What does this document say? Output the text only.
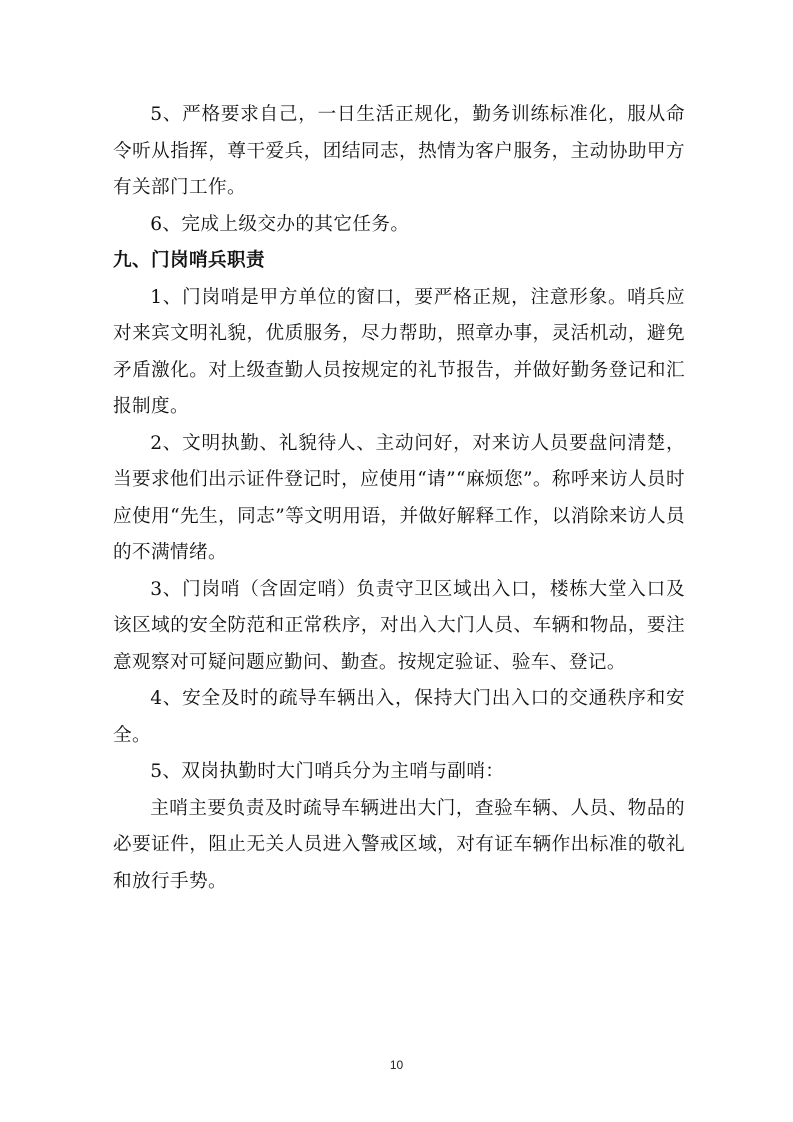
5、严格要求自己，一日生活正规化，勤务训练标准化，服从命令听从指挥，尊干爱兵，团结同志，热情为客户服务，主动协助甲方有关部门工作。

6、完成上级交办的其它任务。

九、门岗哨兵职责

1、门岗哨是甲方单位的窗口，要严格正规，注意形象。哨兵应对来宾文明礼貌，优质服务，尽力帮助，照章办事，灵活机动，避免矛盾激化。对上级查勤人员按规定的礼节报告，并做好勤务登记和汇报制度。

2、文明执勤、礼貌待人、主动问好，对来访人员要盘问清楚，当要求他们出示证件登记时，应使用“请”“麻烦您”。称呼来访人员时应使用“先生，同志”等文明用语，并做好解释工作，以消除来访人员的不满情绪。

3、门岗哨（含固定哨）负责守卫区域出入口，楼栋大堂入口及该区域的安全防范和正常秩序，对出入大门人员、车辆和物品，要注意观察对可疑问题应勤问、勤查。按规定验证、验车、登记。

4、安全及时的疏导车辆出入，保持大门出入口的交通秩序和安全。

5、双岗执勤时大门哨兵分为主哨与副哨：

主哨主要负责及时疏导车辆进出大门，查验车辆、人员、物品的必要证件，阻止无关人员进入警戒区域，对有证车辆作出标准的敬礼和放行手势。

10
